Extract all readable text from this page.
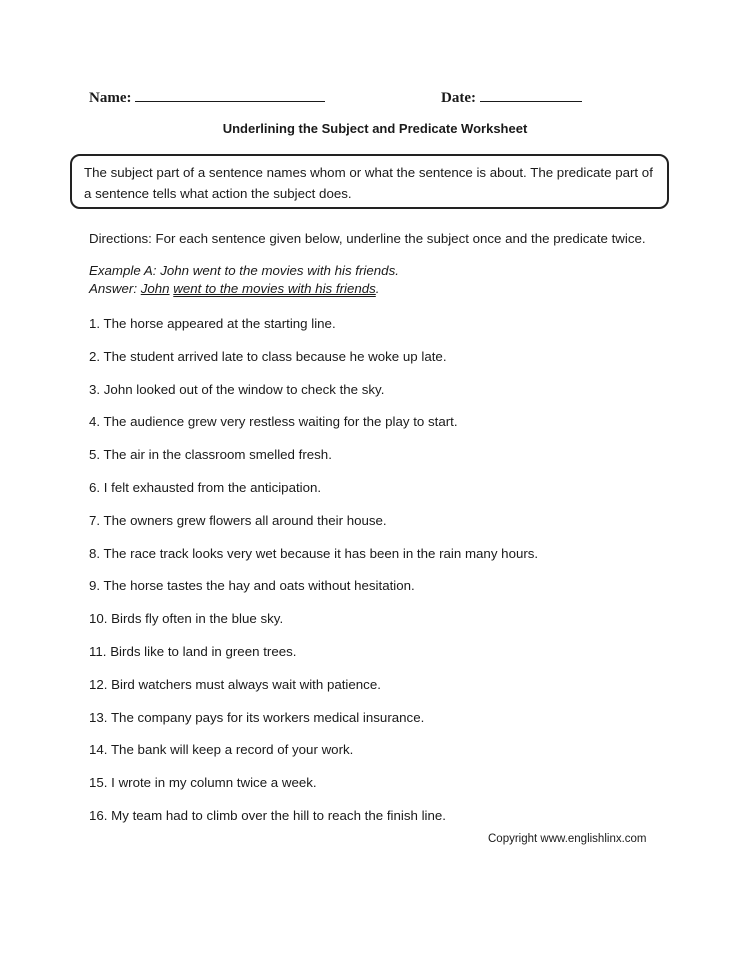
Name:	Date:
Underlining the Subject and Predicate Worksheet
The subject part of a sentence names whom or what the sentence is about. The predicate part of a sentence tells what action the subject does.
Directions: For each sentence given below, underline the subject once and the predicate twice.
Example A: John went to the movies with his friends.
Answer: John went to the movies with his friends.
1. The horse appeared at the starting line.
2. The student arrived late to class because he woke up late.
3. John looked out of the window to check the sky.
4. The audience grew very restless waiting for the play to start.
5. The air in the classroom smelled fresh.
6. I felt exhausted from the anticipation.
7. The owners grew flowers all around their house.
8. The race track looks very wet because it has been in the rain many hours.
9. The horse tastes the hay and oats without hesitation.
10. Birds fly often in the blue sky.
11. Birds like to land in green trees.
12. Bird watchers must always wait with patience.
13. The company pays for its workers medical insurance.
14. The bank will keep a record of your work.
15. I wrote in my column twice a week.
16. My team had to climb over the hill to reach the finish line.
Copyright www.englishlinx.com
